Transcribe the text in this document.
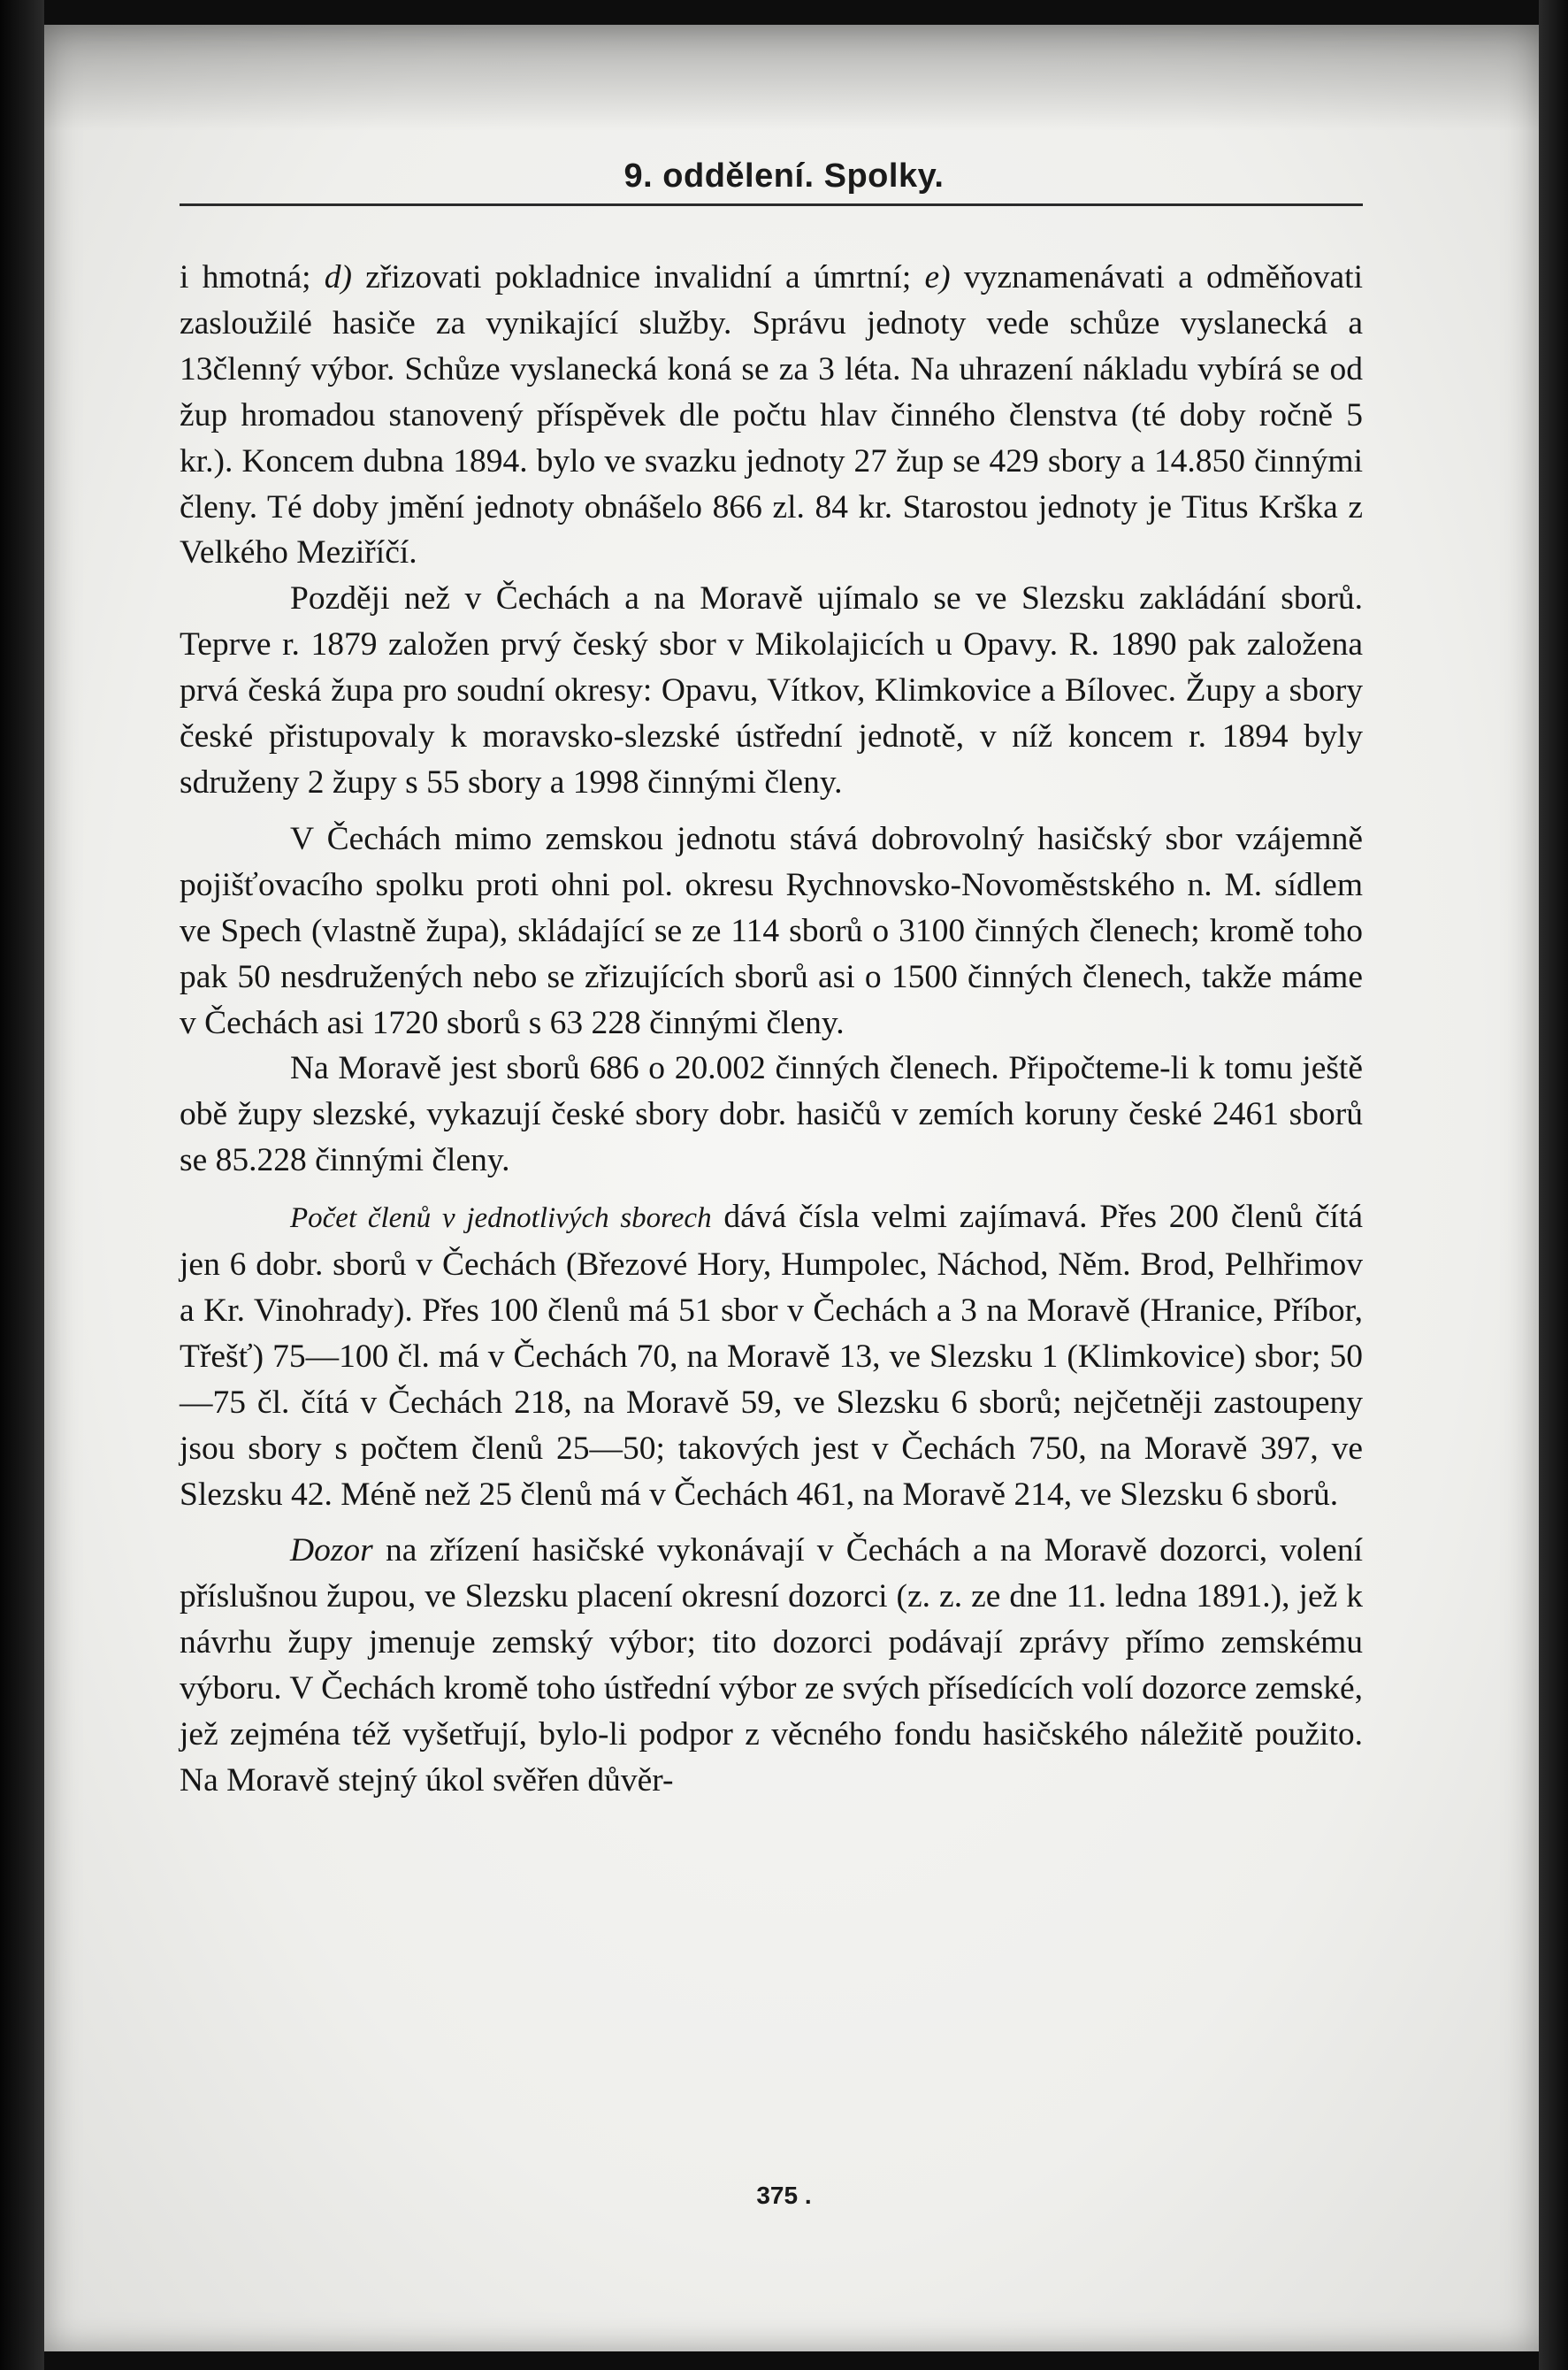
9. oddělení. Spolky.

i hmotná; d) zřizovati pokladnice invalidní a úmrtní; e) vyznamenávati a odměňovati zasloužilé hasiče za vynikající služby. Správu jednoty vede schůze vyslanecká a 13členný výbor. Schůze vyslanecká koná se za 3 léta. Na uhrazení nákladu vybírá se od žup hromadou stanovený příspěvek dle počtu hlav činného členstva (té doby ročně 5 kr.). Koncem dubna 1894. bylo ve svazku jednoty 27 žup se 429 sbory a 14.850 činnými členy. Té doby jmění jednoty obnášelo 866 zl. 84 kr. Starostou jednoty je Titus Krška z Velkého Meziříčí.

Později než v Čechách a na Moravě ujímalo se ve Slezsku zakládání sborů. Teprve r. 1879 založen prvý český sbor v Mikolajicích u Opavy. R. 1890 pak založena prvá česká župa pro soudní okresy: Opavu, Vítkov, Klimkovice a Bílovec. Župy a sbory české přistupovaly k moravsko-slezské ústřední jednotě, v níž koncem r. 1894 byly sdruženy 2 župy s 55 sbory a 1998 činnými členy.

V Čechách mimo zemskou jednotu stává dobrovolný hasičský sbor vzájemně pojišťovacího spolku proti ohni pol. okresu Rychnovsko-Novoměstského n. M. sídlem ve Spech (vlastně župa), skládající se ze 114 sborů o 3100 činných členech; kromě toho pak 50 nesdružených nebo se zřizujících sborů asi o 1500 činných členech, takže máme v Čechách asi 1720 sborů s 63 228 činnými členy.

Na Moravě jest sborů 686 o 20.002 činných členech. Připočteme-li k tomu ještě obě župy slezské, vykazují české sbory dobr. hasičů v zemích koruny české 2461 sborů se 85.228 činnými členy.

Počet členů v jednotlivých sborech dává čísla velmi zajímavá. Přes 200 členů čítá jen 6 dobr. sborů v Čechách (Březové Hory, Humpolec, Náchod, Něm. Brod, Pelhřimov a Kr. Vinohrady). Přes 100 členů má 51 sbor v Čechách a 3 na Moravě (Hranice, Příbor, Třešť) 75—100 čl. má v Čechách 70, na Moravě 13, ve Slezsku 1 (Klimkovice) sbor; 50—75 čl. čítá v Čechách 218, na Moravě 59, ve Slezsku 6 sborů; nejčetněji zastoupeny jsou sbory s počtem členů 25—50; takových jest v Čechách 750, na Moravě 397, ve Slezsku 42. Méně než 25 členů má v Čechách 461, na Moravě 214, ve Slezsku 6 sborů.

Dozor na zřízení hasičské vykonávají v Čechách a na Moravě dozorci, volení příslušnou župou, ve Slezsku placení okresní dozorci (z. z. ze dne 11. ledna 1891.), jež k návrhu župy jmenuje zemský výbor; tito dozorci podávají zprávy přímo zemskému výboru. V Čechách kromě toho ústřední výbor ze svých přísedících volí dozorce zemské, jež zejména též vyšetřují, bylo-li podpor z věcného fondu hasičského náležitě použito. Na Moravě stejný úkol svěřen důvěr-

375 .
